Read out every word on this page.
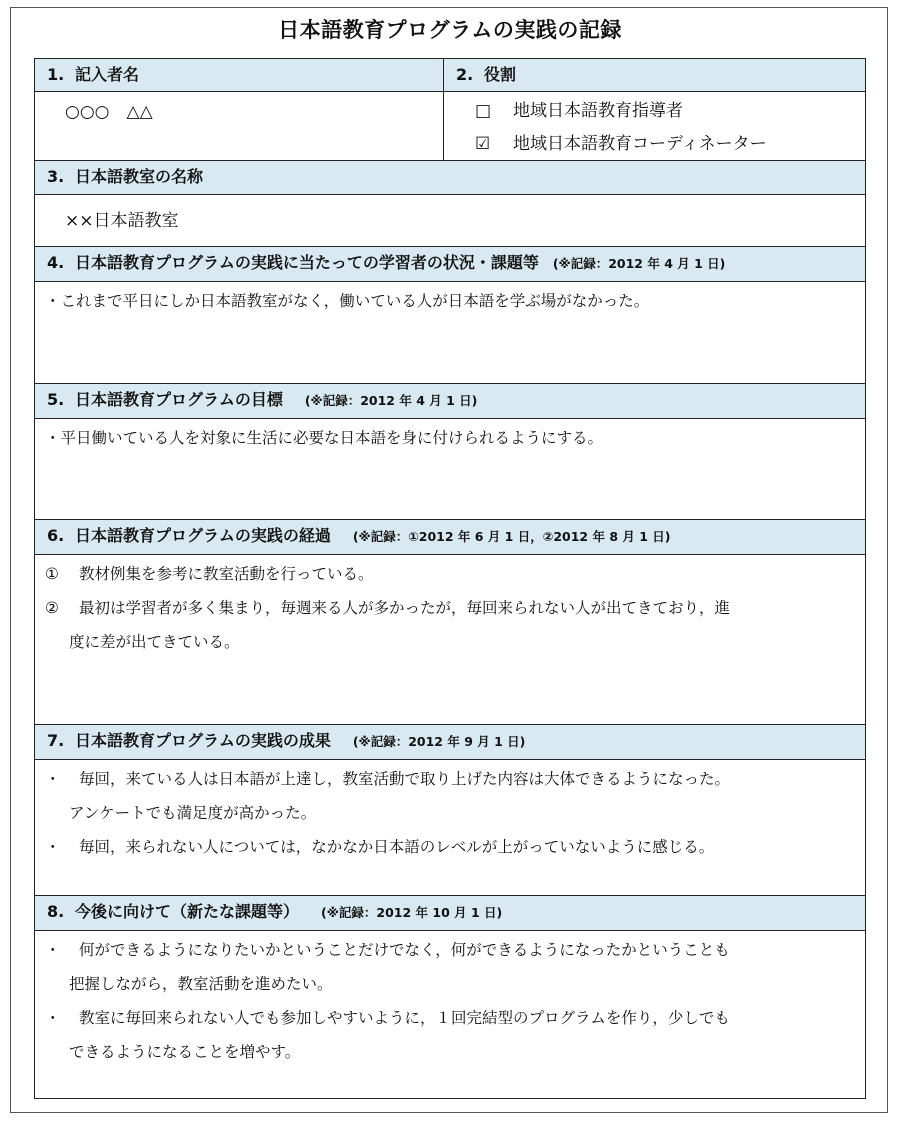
日本語教育プログラムの実践の記録
1. 記入者名	2. 役割
○○○　△△	□ 地域日本語教育指導者
☑ 地域日本語教育コーディネーター
3. 日本語教室の名称
××日本語教室
4. 日本語教育プログラムの実践に当たっての学習者の状況・課題等 (※記録：2012 年 4 月 1 日)
・これまで平日にしか日本語教室がなく，働いている人が日本語を学ぶ場がなかった。
5. 日本語教育プログラムの目標 (※記録：2012 年 4 月 1 日)
・平日働いている人を対象に生活に必要な日本語を身に付けられるようにする。
6. 日本語教育プログラムの実践の経過 (※記録：①2012 年 6 月 1 日，②2012 年 8 月 1 日)
①	教材例集を参考に教室活動を行っている。
②	最初は学習者が多く集まり，毎週来る人が多かったが，毎回来られない人が出てきており，進
度に差が出てきている。
7. 日本語教育プログラムの実践の成果 (※記録：2012 年 9 月 1 日)
・	毎回，来ている人は日本語が上達し，教室活動で取り上げた内容は大体できるようになった。
アンケートでも満足度が高かった。
・	毎回，来られない人については，なかなか日本語のレベルが上がっていないように感じる。
8. 今後に向けて（新たな課題等） (※記録：2012 年 10 月 1 日)
・	何ができるようになりたいかということだけでなく，何ができるようになったかということも
把握しながら，教室活動を進めたい。
・	教室に毎回来られない人でも参加しやすいように，１回完結型のプログラムを作り，少しでも
できるようになることを増やす。
